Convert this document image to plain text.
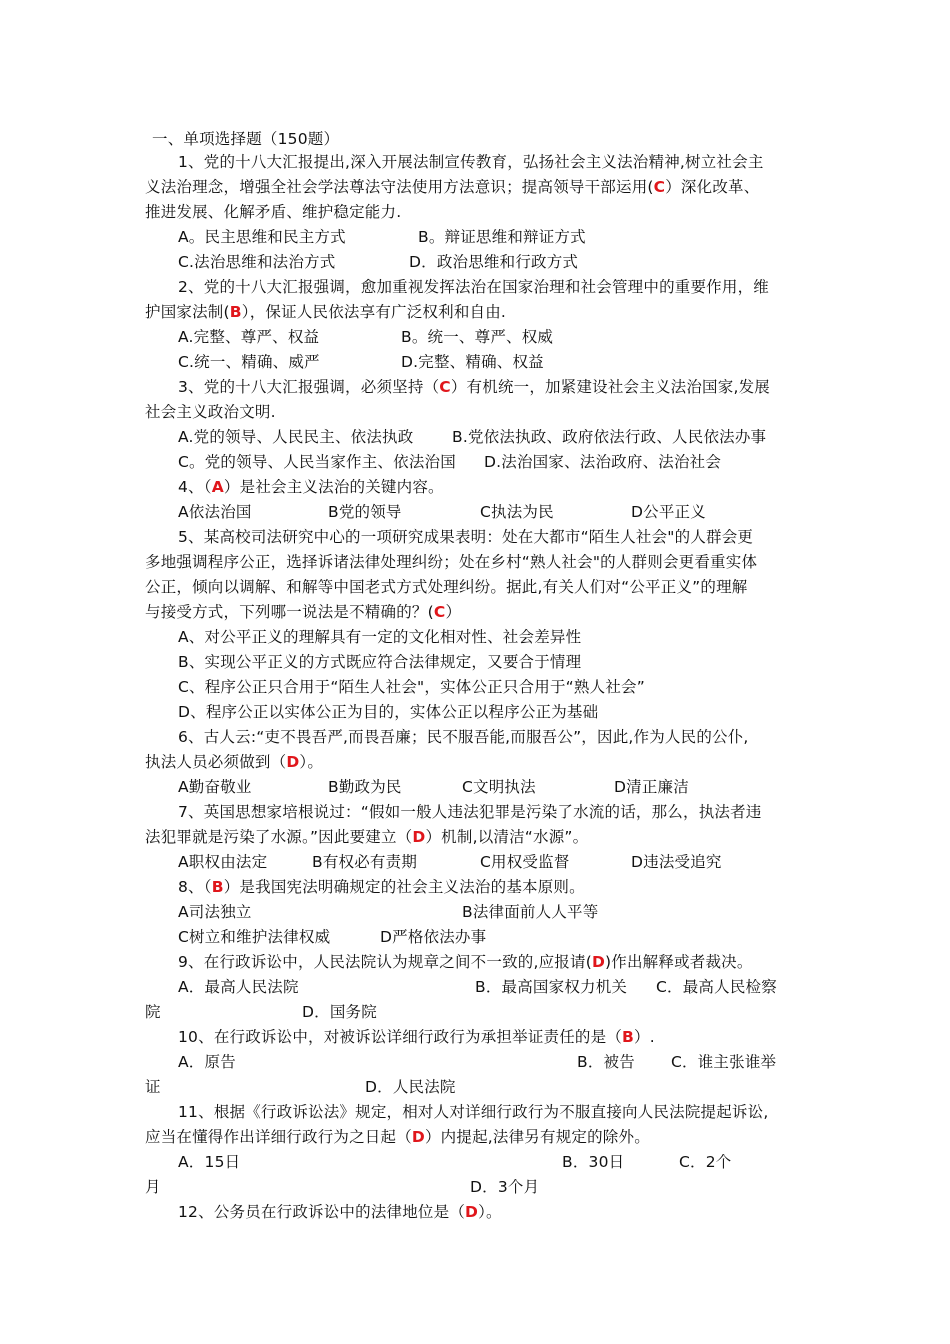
一、单项选择题（150题）
1、党的十八大汇报提出,深入开展法制宣传教育，弘扬社会主义法治精神,树立社会主
义法治理念，增强全社会学法尊法守法使用方法意识；提高领导干部运用(C）深化改革、
推进发展、化解矛盾、维护稳定能力.
A。民主思维和民主方式	B。辩证思维和辩证方式
C.法治思维和法治方式	D．政治思维和行政方式
2、党的十八大汇报强调，愈加重视发挥法治在国家治理和社会管理中的重要作用，维
护国家法制(B），保证人民依法享有广泛权利和自由.
A.完整、尊严、权益	B。统一、尊严、权威
C.统一、精确、威严	D.完整、精确、权益
3、党的十八大汇报强调，必须坚持（C）有机统一，加紧建设社会主义法治国家,发展
社会主义政治文明.
A.党的领导、人民民主、依法执政 B.党依法执政、政府依法行政、人民依法办事
C。党的领导、人民当家作主、依法治国 D.法治国家、法治政府、法治社会
4、（A）是社会主义法治的关键内容。
A依法治国	B党的领导	C执法为民	D公平正义
5、某高校司法研究中心的一项研究成果表明：处在大都市“陌生人社会"的人群会更
多地强调程序公正，选择诉诸法律处理纠纷；处在乡村“熟人社会"的人群则会更看重实体
公正，倾向以调解、和解等中国老式方式处理纠纷。据此,有关人们对“公平正义”的理解
与接受方式，下列哪一说法是不精确的？(C）
A、对公平正义的理解具有一定的文化相对性、社会差异性
B、实现公平正义的方式既应符合法律规定，又要合于情理
C、程序公正只合用于“陌生人社会"，实体公正只合用于“熟人社会”
D、程序公正以实体公正为目的，实体公正以程序公正为基础
6、古人云:“吏不畏吾严,而畏吾廉；民不服吾能,而服吾公”，因此,作为人民的公仆,
执法人员必须做到（D）。
A勤奋敬业	B勤政为民	C文明执法	D清正廉洁
7、英国思想家培根说过：“假如一般人违法犯罪是污染了水流的话，那么，执法者违
法犯罪就是污染了水源。”因此要建立（D）机制,以清洁“水源”。
A职权由法定	B有权必有责期	C用权受监督	D违法受追究
8、（B）是我国宪法明确规定的社会主义法治的基本原则。
A司法独立	B法律面前人人平等
C树立和维护法律权威	D严格依法办事
9、在行政诉讼中，人民法院认为规章之间不一致的,应报请(D)作出解释或者裁决。
A．最高人民法院	B．最高国家权力机关 C．最高人民检察
院	D．国务院
10、在行政诉讼中，对被诉讼详细行政行为承担举证责任的是（B）.
A．原告	B．被告 C．谁主张谁举
证	D．人民法院
11、根据《行政诉讼法》规定，相对人对详细行政行为不服直接向人民法院提起诉讼,
应当在懂得作出详细行政行为之日起（D）内提起,法律另有规定的除外。
A．15日	B．30日	C．2个
月	D．3个月
12、公务员在行政诉讼中的法律地位是（D）。
